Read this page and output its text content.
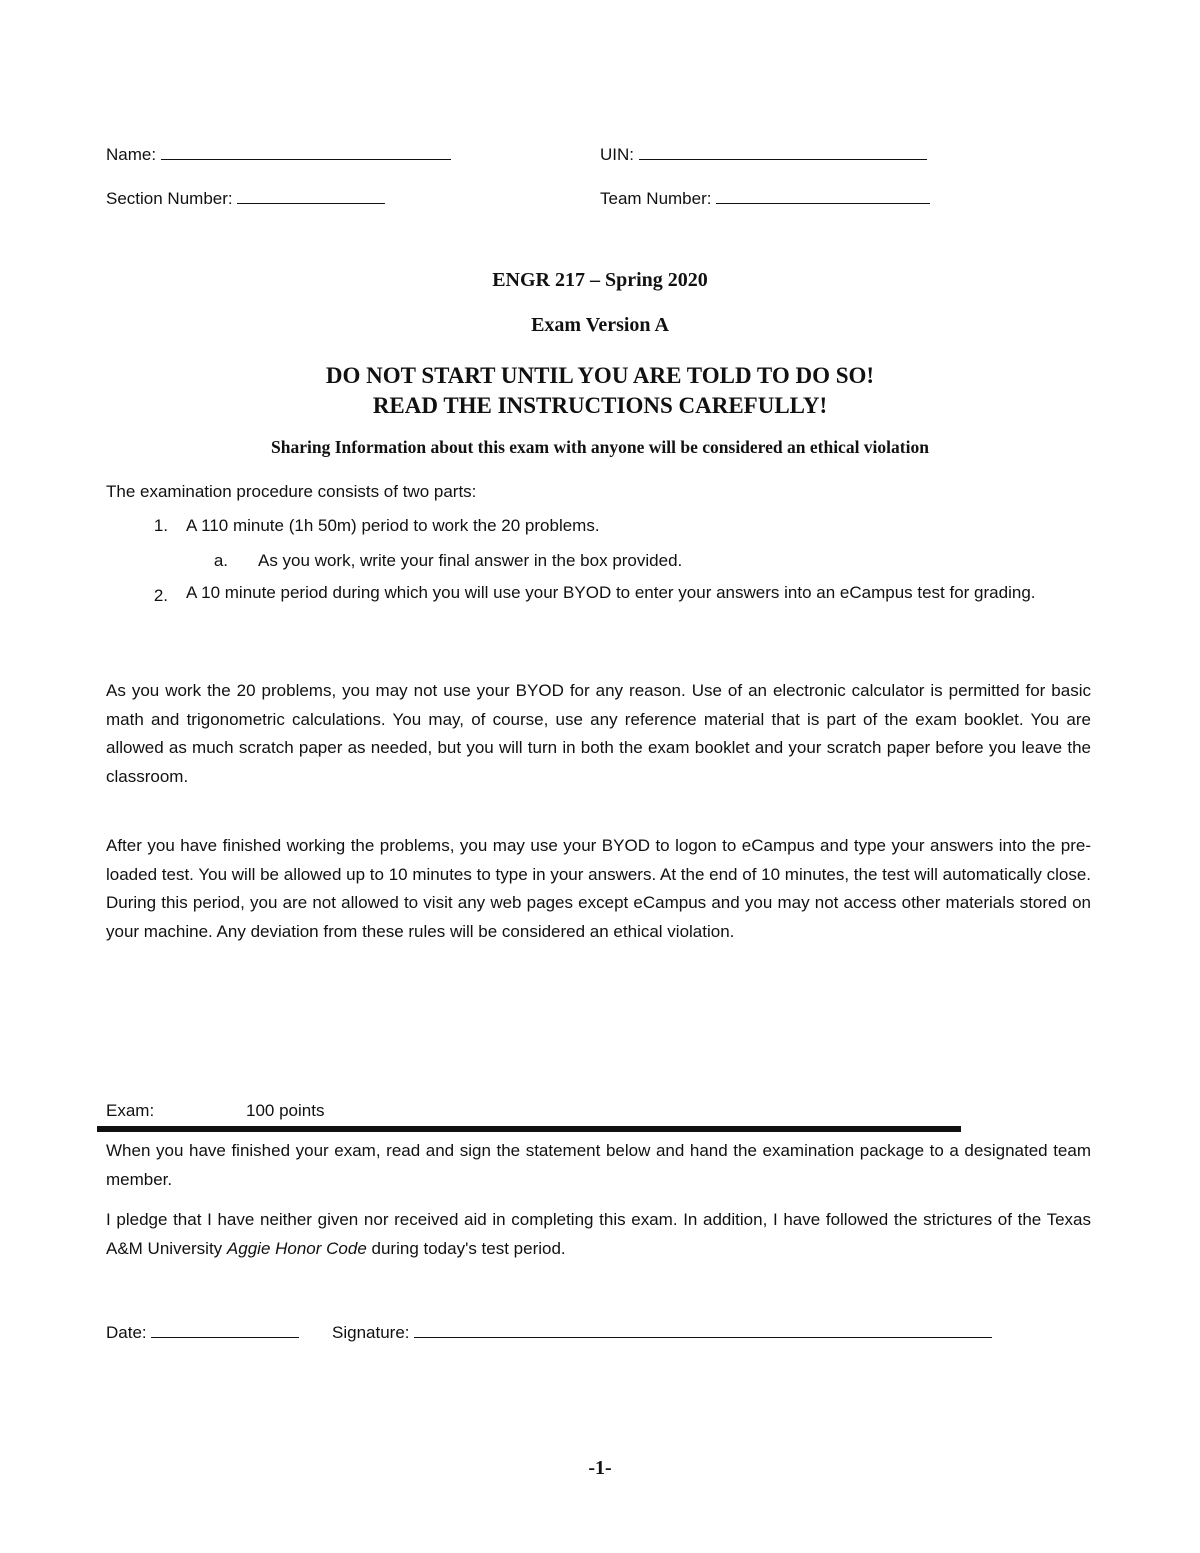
Name:	UIN:
Section Number:	Team Number:
ENGR 217 – Spring 2020
Exam Version A
DO NOT START UNTIL YOU ARE TOLD TO DO SO!
READ THE INSTRUCTIONS CAREFULLY!
Sharing Information about this exam with anyone will be considered an ethical violation
The examination procedure consists of two parts:
1. A 110 minute (1h 50m) period to work the 20 problems.
a. As you work, write your final answer in the box provided.
2. A 10 minute period during which you will use your BYOD to enter your answers into an eCampus test for grading.
As you work the 20 problems, you may not use your BYOD for any reason. Use of an electronic calculator is permitted for basic math and trigonometric calculations. You may, of course, use any reference material that is part of the exam booklet. You are allowed as much scratch paper as needed, but you will turn in both the exam booklet and your scratch paper before you leave the classroom.
After you have finished working the problems, you may use your BYOD to logon to eCampus and type your answers into the pre-loaded test. You will be allowed up to 10 minutes to type in your answers. At the end of 10 minutes, the test will automatically close. During this period, you are not allowed to visit any web pages except eCampus and you may not access other materials stored on your machine. Any deviation from these rules will be considered an ethical violation.
Exam:	100 points
When you have finished your exam, read and sign the statement below and hand the examination package to a designated team member.
I pledge that I have neither given nor received aid in completing this exam. In addition, I have followed the strictures of the Texas A&M University Aggie Honor Code during today's test period.
Date:	Signature:
-1-
